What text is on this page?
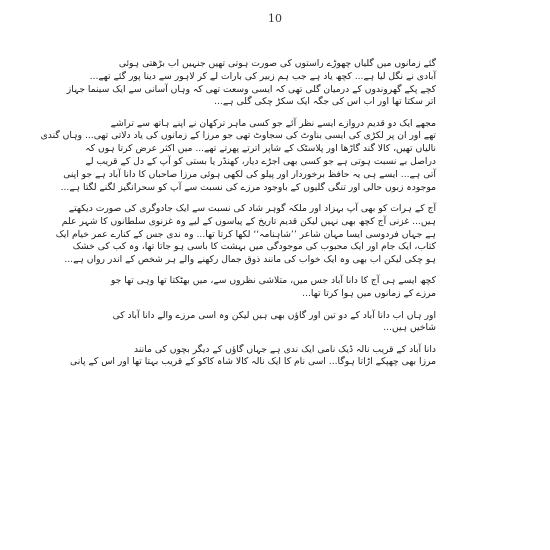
10
گئے زمانوں میں گلیاں چھوڑے راستوں کی صورت ہوتی تھیں جنہیں اب بڑھتی ہوئی
آبادی نے نگل لیا ہے... کچھ یاد ہے جب ہم زبیر کی بارات لے کر لاہور سے دینا پور گئے تھے...
کچے پکے گھروندوں کے درمیان گلی تھی کہ ایسی وسعت تھی کہ وہاں آسانی سے ایک سینما جہاز
اتر سکتا تھا اور اب اس کی جگہ ایک سکڑ چکی گلی ہے...
مجھے ایک دو قدیم دروازے ایسے نظر آئے جو کسی ماہر ترکھان نے اپنے ہاتھ سے تراشے
تھے اور ان پر لکڑی کی ایسی بناوٹ کی سجاوٹ تھی جو مرزا کے زمانوں کی یاد دلاتی تھی... وہاں گندی
نالیاں تھیں، کالا گند گاڑھا اور پلاسٹک کے شاپر اترتے پھرتے تھے... میں اکثر عرض کرتا ہوں کہ
دراصل بے نسبت ہوتی ہے جو کسی بھی اجڑے دیار، کھنڈر یا بستی کو آپ کے دل کے قریب لے
آتی ہے... ایسے ہی یہ حافظ برخوردار اور پیلو کی لکھی ہوئی مرزا صاحباں کا دانا آباد ہے جو اپنی
موجودہ زبوں حالی اور تنگی گلیوں کے باوجود مرزے کی نسبت سے آپ کو سحرانگیز لگنے لگتا ہے...
آج کے ہرات کو بھی آپ بہزاد اور ملکہ گوہر شاد کی نسبت سے ایک جادوگری کی صورت دیکھتے
ہیں... غزنی آج کچھ بھی نہیں لیکن قدیم تاریخ کے پیاسوں کے لیے وہ غزنوی سلطانوں کا شہر علم
ہے جہاں فردوسی ایسا مہان شاعر ’’شاہنامہ‘‘ لکھا کرتا تھا... وہ ندی جس کے کنارے عمر خیام ایک
کتاب، ایک جام اور ایک محبوب کی موجودگی میں بہشت کا باسی ہو جاتا تھا، وہ کب کی خشک
ہو چکی لیکن اب بھی وہ ایک خواب کی مانند ذوق جمال رکھنے والے ہر شخص کے اندر رواں ہے...
کچھ ایسے ہی آج کا دانا آباد جس میں، متلاشی نظروں سے، میں بھٹکتا تھا وہی تھا جو
مرزے کے زمانوں میں ہوا کرتا تھا...
اور ہاں اب دانا آباد کے دو تین اور گاؤں بھی ہیں لیکن وہ اسی مرزے والے دانا آباد کی
شاخیں ہیں...
دانا آباد کے قریب نالہ ڈیک نامی ایک ندی ہے جہاں گاؤں کے دیگر بچوں کی مانند
مرزا بھی چھپکے اڑاتا ہوگا... اسی نام کا ایک نالہ کالا شاہ کاکو کے قریب بہتا تھا اور اس کے پانی
